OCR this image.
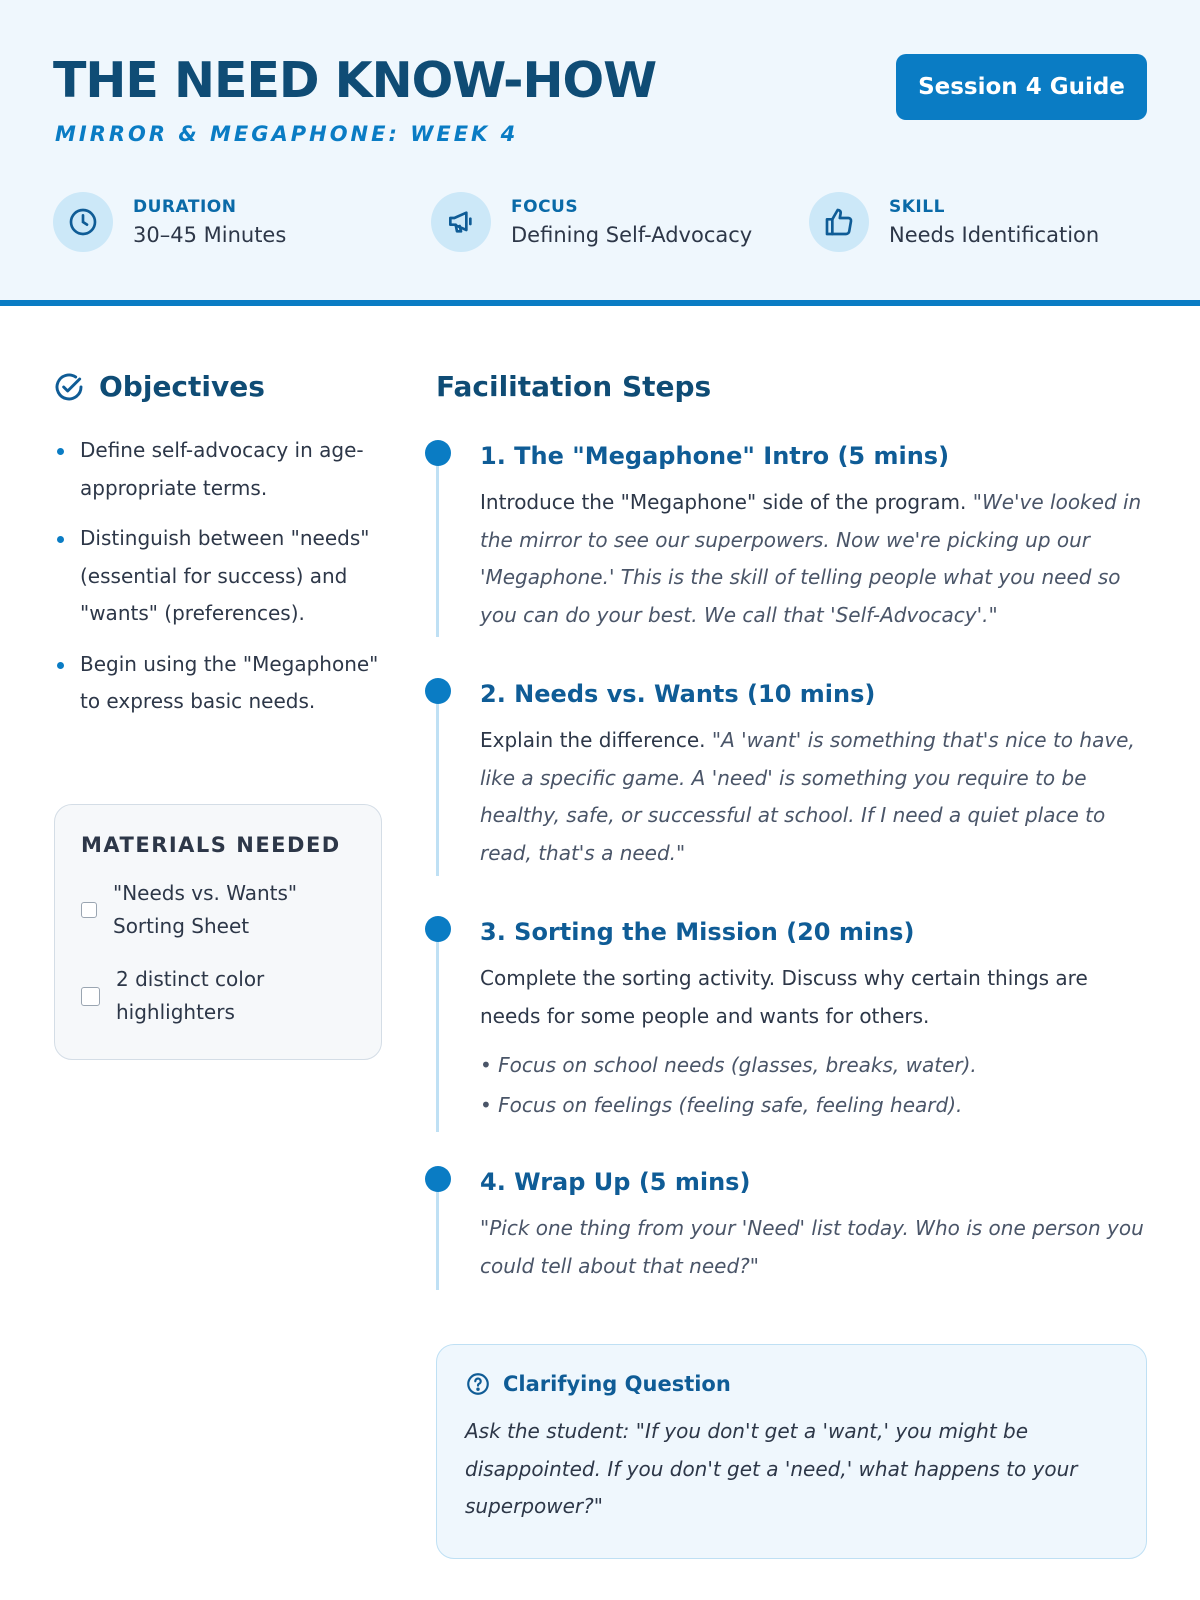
THE NEED KNOW-HOW
MIRROR & MEGAPHONE: WEEK 4
Session 4 Guide
DURATION
30–45 Minutes
FOCUS
Defining Self-Advocacy
SKILL
Needs Identification
Objectives
Define self-advocacy in age-appropriate terms.
Distinguish between "needs" (essential for success) and "wants" (preferences).
Begin using the "Megaphone" to express basic needs.
MATERIALS NEEDED
"Needs vs. Wants" Sorting Sheet
2 distinct color highlighters
Facilitation Steps
1. The "Megaphone" Intro (5 mins)
Introduce the "Megaphone" side of the program. "We've looked in the mirror to see our superpowers. Now we're picking up our 'Megaphone.' This is the skill of telling people what you need so you can do your best. We call that 'Self-Advocacy'."
2. Needs vs. Wants (10 mins)
Explain the difference. "A 'want' is something that's nice to have, like a specific game. A 'need' is something you require to be healthy, safe, or successful at school. If I need a quiet place to read, that's a need."
3. Sorting the Mission (20 mins)
Complete the sorting activity. Discuss why certain things are needs for some people and wants for others.
• Focus on school needs (glasses, breaks, water).
• Focus on feelings (feeling safe, feeling heard).
4. Wrap Up (5 mins)
"Pick one thing from your 'Need' list today. Who is one person you could tell about that need?"
Clarifying Question
Ask the student: "If you don't get a 'want,' you might be disappointed. If you don't get a 'need,' what happens to your superpower?"
